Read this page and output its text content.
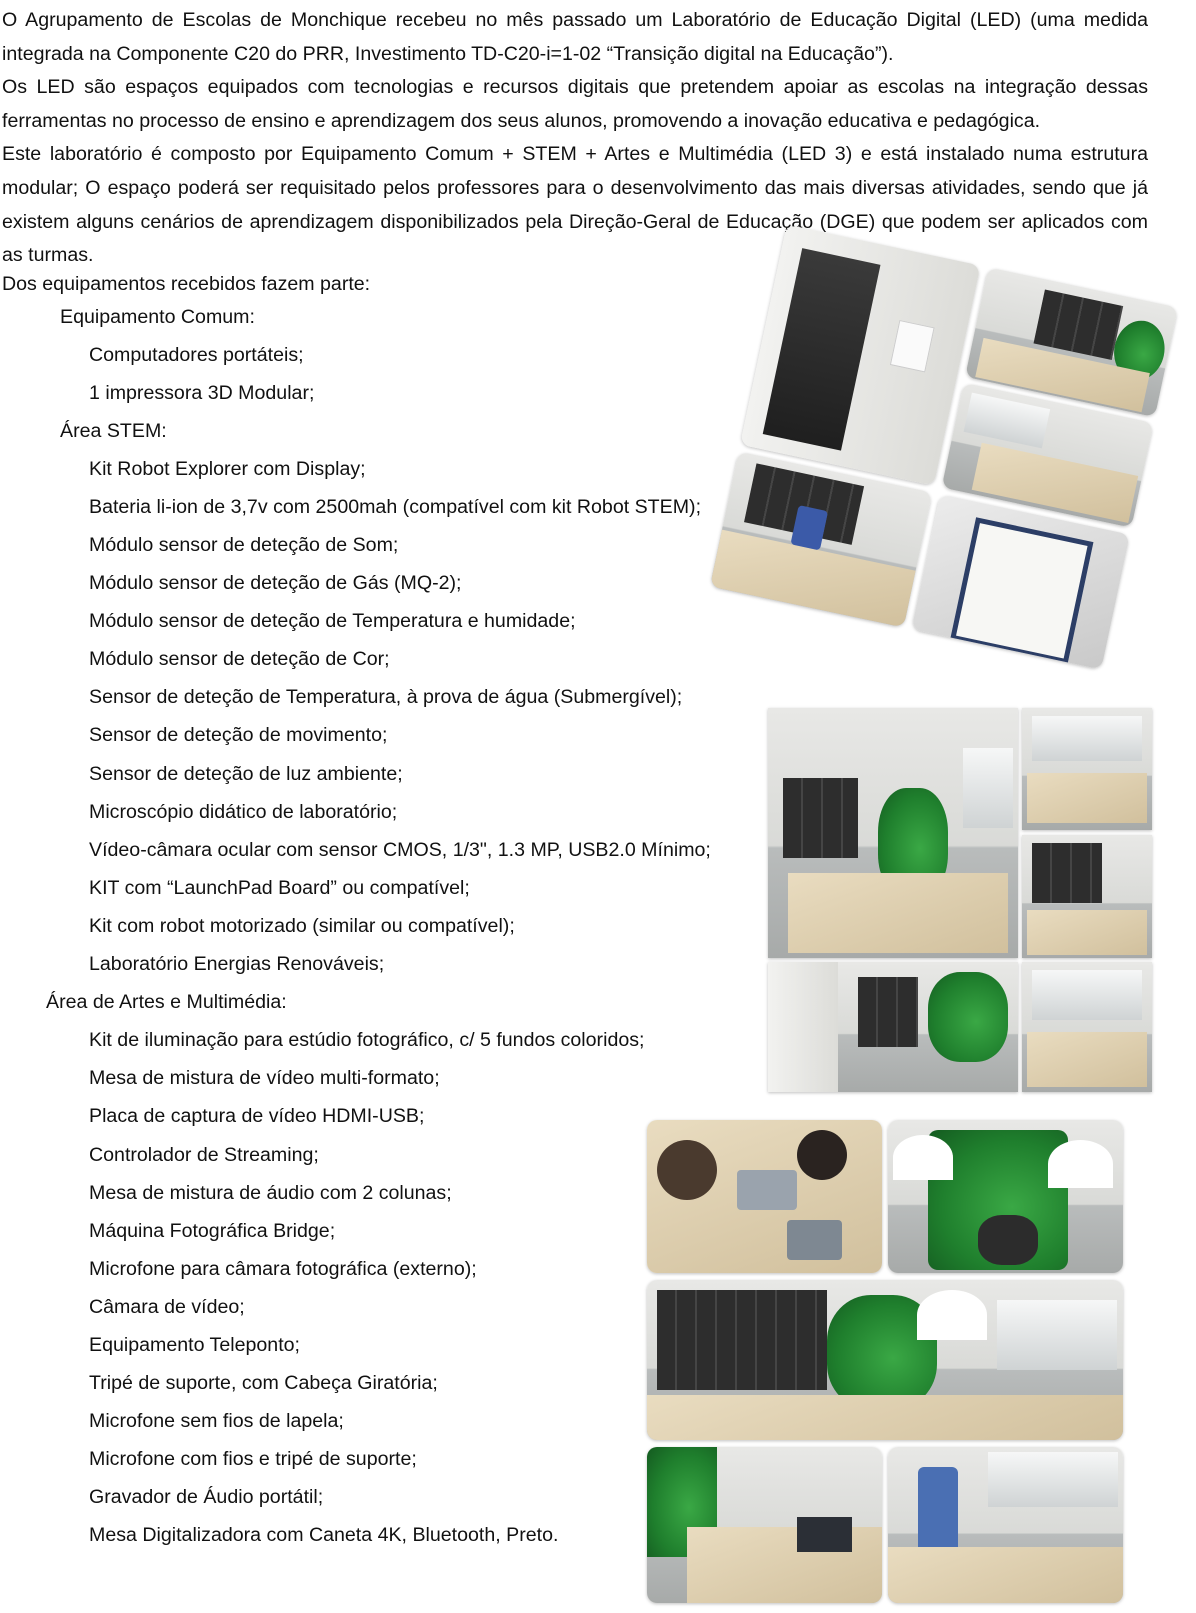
O Agrupamento de Escolas de Monchique recebeu no mês passado um Laboratório de Educação Digital (LED) (uma medida integrada na Componente C20 do PRR, Investimento TD-C20-i=1-02 “Transição digital na Educação”).

Os LED são espaços equipados com tecnologias e recursos digitais que pretendem apoiar as escolas na integração dessas ferramentas no processo de ensino e aprendizagem dos seus alunos, promovendo a inovação educativa e pedagógica.

Este laboratório é composto por Equipamento Comum + STEM + Artes e Multimédia (LED 3) e está instalado numa estrutura modular; O espaço poderá ser requisitado pelos professores para o desenvolvimento das mais diversas atividades, sendo que já existem alguns cenários de aprendizagem disponibilizados pela Direção-Geral de Educação (DGE) que podem ser aplicados com as turmas.

Dos equipamentos recebidos fazem parte:
Equipamento Comum:
Computadores portáteis;
1 impressora 3D Modular;
Área STEM:
Kit Robot Explorer com Display;
Bateria li-ion de 3,7v com 2500mah (compatível com kit Robot STEM);
Módulo sensor de deteção de Som;
Módulo sensor de deteção de Gás (MQ-2);
Módulo sensor de deteção de Temperatura e humidade;
Módulo sensor de deteção de Cor;
Sensor de deteção de Temperatura, à prova de água (Submergível);
Sensor de deteção de movimento;
Sensor de deteção de luz ambiente;
Microscópio didático de laboratório;
Vídeo-câmara ocular com sensor CMOS, 1/3", 1.3 MP, USB2.0 Mínimo;
KIT com “LaunchPad Board” ou compatível;
Kit com robot motorizado (similar ou compatível);
Laboratório Energias Renováveis;
Área de Artes e Multimédia:
Kit de iluminação para estúdio fotográfico, c/ 5 fundos coloridos;
Mesa de mistura de vídeo multi-formato;
Placa de captura de vídeo HDMI-USB;
Controlador de Streaming;
Mesa de mistura de áudio com 2 colunas;
Máquina Fotográfica Bridge;
Microfone para câmara fotográfica (externo);
Câmara de vídeo;
Equipamento Teleponto;
Tripé de suporte, com Cabeça Giratória;
Microfone sem fios de lapela;
Microfone com fios e tripé de suporte;
Gravador de Áudio portátil;
Mesa Digitalizadora com Caneta 4K, Bluetooth, Preto.
